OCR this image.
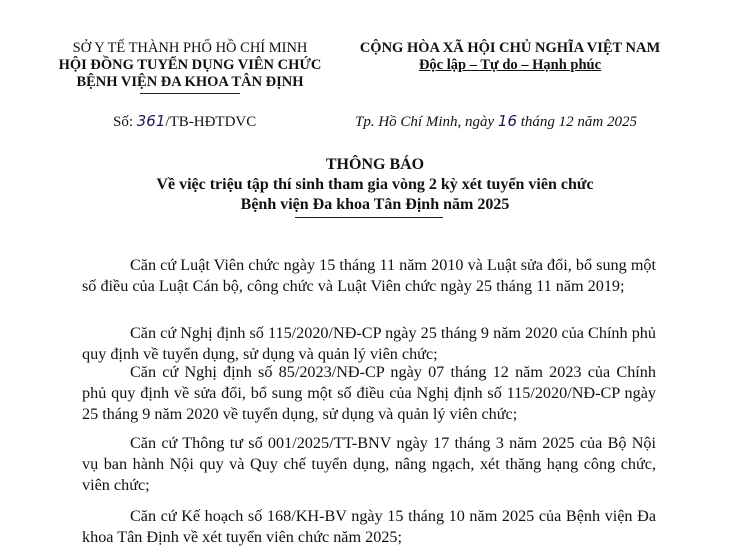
SỞ Y TẾ THÀNH PHỐ HỒ CHÍ MINH
HỘI ĐỒNG TUYỂN DỤNG VIÊN CHỨC
BỆNH VIỆN ĐA KHOA TÂN ĐỊNH
CỘNG HÒA XÃ HỘI CHỦ NGHĨA VIỆT NAM
Độc lập – Tự do – Hạnh phúc
Số: 361/TB-HĐTDVC	Tp. Hồ Chí Minh, ngày 16 tháng 12 năm 2025
THÔNG BÁO
Về việc triệu tập thí sinh tham gia vòng 2 kỳ xét tuyển viên chức
Bệnh viện Đa khoa Tân Định năm 2025
Căn cứ Luật Viên chức ngày 15 tháng 11 năm 2010 và Luật sửa đổi, bổ sung một số điều của Luật Cán bộ, công chức và Luật Viên chức ngày 25 tháng 11 năm 2019;
Căn cứ Nghị định số 115/2020/NĐ-CP ngày 25 tháng 9 năm 2020 của Chính phủ quy định về tuyển dụng, sử dụng và quản lý viên chức;
Căn cứ Nghị định số 85/2023/NĐ-CP ngày 07 tháng 12 năm 2023 của Chính phủ quy định về sửa đổi, bổ sung một số điều của Nghị định số 115/2020/NĐ-CP ngày 25 tháng 9 năm 2020 về tuyển dụng, sử dụng và quản lý viên chức;
Căn cứ Thông tư số 001/2025/TT-BNV ngày 17 tháng 3 năm 2025 của Bộ Nội vụ ban hành Nội quy và Quy chế tuyển dụng, nâng ngạch, xét thăng hạng công chức, viên chức;
Căn cứ Kế hoạch số 168/KH-BV ngày 15 tháng 10 năm 2025 của Bệnh viện Đa khoa Tân Định về xét tuyển viên chức năm 2025;
